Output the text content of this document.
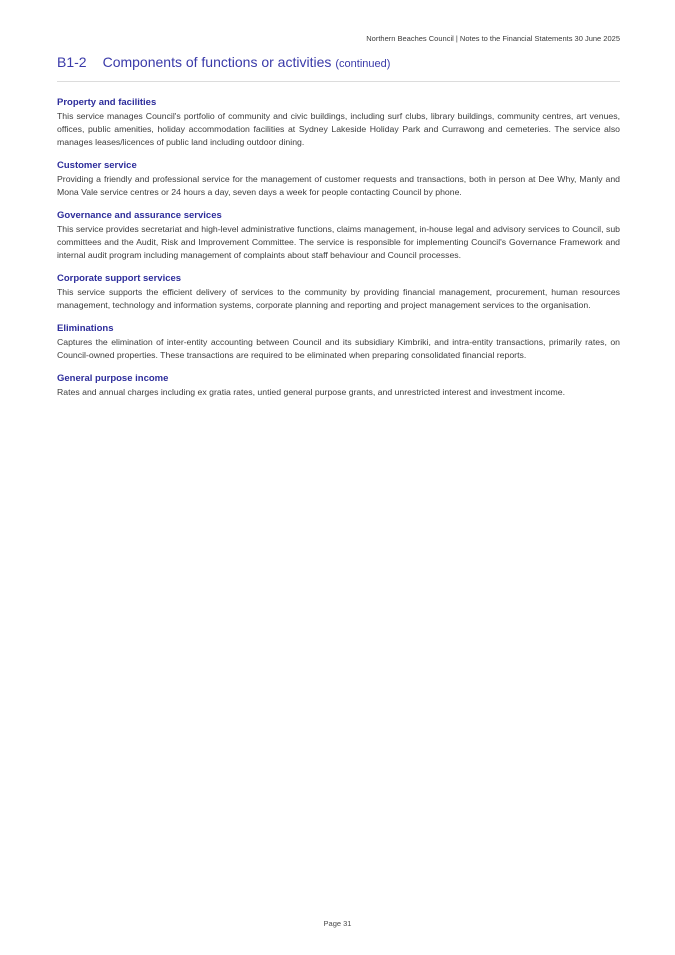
Northern Beaches Council | Notes to the Financial Statements 30 June 2025
B1-2 Components of functions or activities (continued)
Property and facilities

This service manages Council's portfolio of community and civic buildings, including surf clubs, library buildings, community centres, art venues, offices, public amenities, holiday accommodation facilities at Sydney Lakeside Holiday Park and Currawong and cemeteries. The service also manages leases/licences of public land including outdoor dining.

Customer service

Providing a friendly and professional service for the management of customer requests and transactions, both in person at Dee Why, Manly and Mona Vale service centres or 24 hours a day, seven days a week for people contacting Council by phone.

Governance and assurance services

This service provides secretariat and high-level administrative functions, claims management, in-house legal and advisory services to Council, sub committees and the Audit, Risk and Improvement Committee. The service is responsible for implementing Council's Governance Framework and internal audit program including management of complaints about staff behaviour and Council processes.

Corporate support services

This service supports the efficient delivery of services to the community by providing financial management, procurement, human resources management, technology and information systems, corporate planning and reporting and project management services to the organisation.

Eliminations

Captures the elimination of inter-entity accounting between Council and its subsidiary Kimbriki, and intra-entity transactions, primarily rates, on Council-owned properties. These transactions are required to be eliminated when preparing consolidated financial reports.

General purpose income

Rates and annual charges including ex gratia rates, untied general purpose grants, and unrestricted interest and investment income.

Page 31
